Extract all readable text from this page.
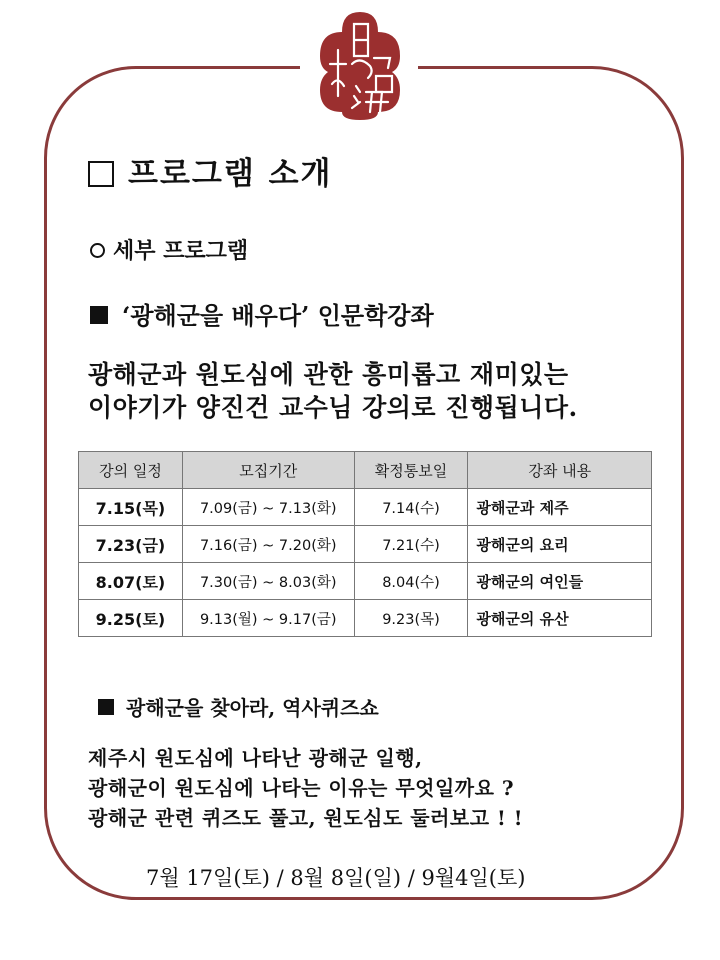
프로그램 소개
세부 프로그램
‘광해군을 배우다’ 인문학강좌
광해군과 원도심에 관한 흥미롭고 재미있는
이야기가 양진건 교수님 강의로 진행됩니다.
강의 일정	모집기간	확정통보일	강좌 내용
7.15(목)	7.09(금) ~ 7.13(화)	7.14(수)	광해군과 제주
7.23(금)	7.16(금) ~ 7.20(화)	7.21(수)	광해군의 요리
8.07(토)	7.30(금) ~ 8.03(화)	8.04(수)	광해군의 여인들
9.25(토)	9.13(월) ~ 9.17(금)	9.23(목)	광해군의 유산
광해군을 찾아라, 역사퀴즈쇼
제주시 원도심에 나타난 광해군 일행,
광해군이 원도심에 나타는 이유는 무엇일까요 ?
광해군 관련 퀴즈도 풀고, 원도심도 둘러보고 ! !
7월 17일(토) / 8월 8일(일) / 9월4일(토)
